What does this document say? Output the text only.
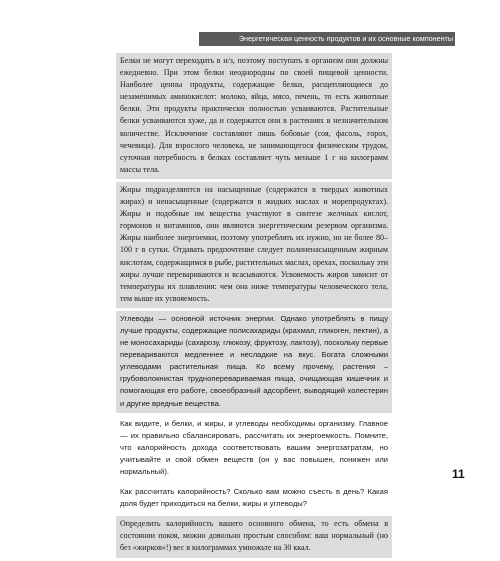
Энергетическая ценность продуктов и их основные компоненты

Белки не могут переходить в н/з, поэтому поступать в организм они должны ежедневно. При этом белки неоднородны по своей пищевой ценности. Наиболее ценны продукты, содержащие белки, расщепляющиеся до незаменимых аминокислот: молоко, яйца, мясо, печень, то есть животные белки. Эти продукты практически полностью усваиваются. Растительные белки усваиваются хуже, да и содержатся они в растениях в незначительном количестве. Исключение составляют лишь бобовые (соя, фасоль, горох, чечевица). Для взрослого человека, не занимающегося физическим трудом, суточная потребность в белках составляет чуть меньше 1 г на килограмм массы тела.

Жиры подразделяются на насыщенные (содержатся в твердых животных жирах) и ненасыщенные (содержатся в жидких маслах и морепродуктах). Жиры и подобные им вещества участвуют в синтезе желчных кислот, гормонов и витаминов, они являются энергетическим резервом организма. Жиры наиболее энергоемки, поэтому употреблять их нужно, но не более 80–100 г в сутки. Отдавать предпочтение следует полиненасыщенным жирным кислотам, содержащимся в рыбе, растительных маслах, орехах, поскольку эти жиры лучше перевариваются и всасываются. Усвояемость жиров зависит от температуры их плавления: чем она ниже температуры человеческого тела, тем выше их усвояемость.

Углеводы — основной источник энергии. Однако употреблять в пищу лучше продукты, содержащие полисахариды (крахмал, гликоген, пектин), а не моносахариды (сахарозу, глюкозу, фруктозу, лактозу), поскольку первые перевариваются медленнее и несладкие на вкус. Богата сложными углеводами растительная пища. Ко всему прочему, растения – грубоволокнистая трудноперевариваемая пища, очищающая кишечник и помогающая его работе, своеобразный адсорбент, выводящий холестерин и другие вредные вещества.

Как видите, и белки, и жиры, и углеводы необходимы организму. Главное — их правильно сбалансировать, рассчитать их энергоемкость. Помните, что калорийность дохода соответствовать вашим энергозатратам, но учитывайте и свой обмен веществ (он у вас повышен, понижен или нормальный).

Как рассчитать калорийность? Сколько вам можно съесть в день? Какая доля будет приходиться на белки, жиры и углеводы?

Определить калорийность вашего основного обмена, то есть обмена в состоянии покоя, можно довольно простым способом: ваш нормальный (но без «жирков»!) вес в килограммах умножьте на 30 ккал.

11
